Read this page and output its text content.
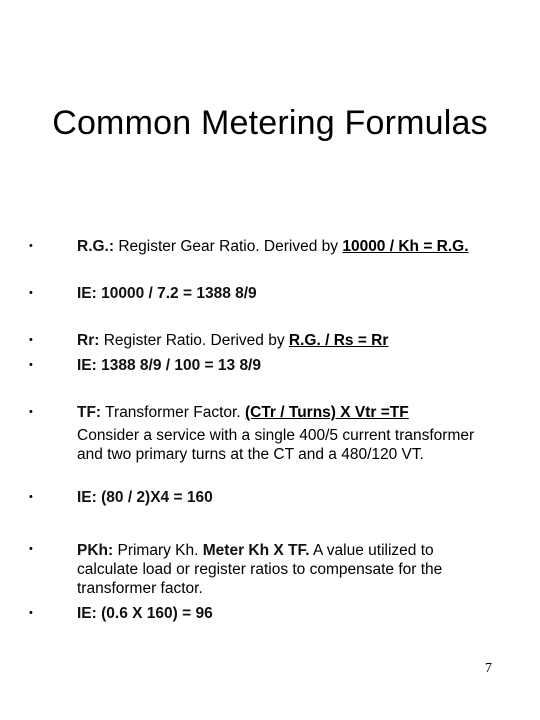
Common Metering Formulas
•	R.G.: Register Gear Ratio. Derived by 10000 / Kh = R.G.
•	IE: 10000 / 7.2 = 1388 8/9
•	Rr: Register Ratio. Derived by R.G. / Rs = Rr
•	IE: 1388 8/9 / 100 = 13 8/9
•	TF: Transformer Factor. (CTr / Turns) X Vtr =TF
Consider a service with a single 400/5 current transformer and two primary turns at the CT and a 480/120 VT.
•	IE: (80 / 2)X4 = 160
•	PKh: Primary Kh. Meter Kh X TF. A value utilized to calculate load or register ratios to compensate for the transformer factor.
•	IE: (0.6 X 160) = 96
7
